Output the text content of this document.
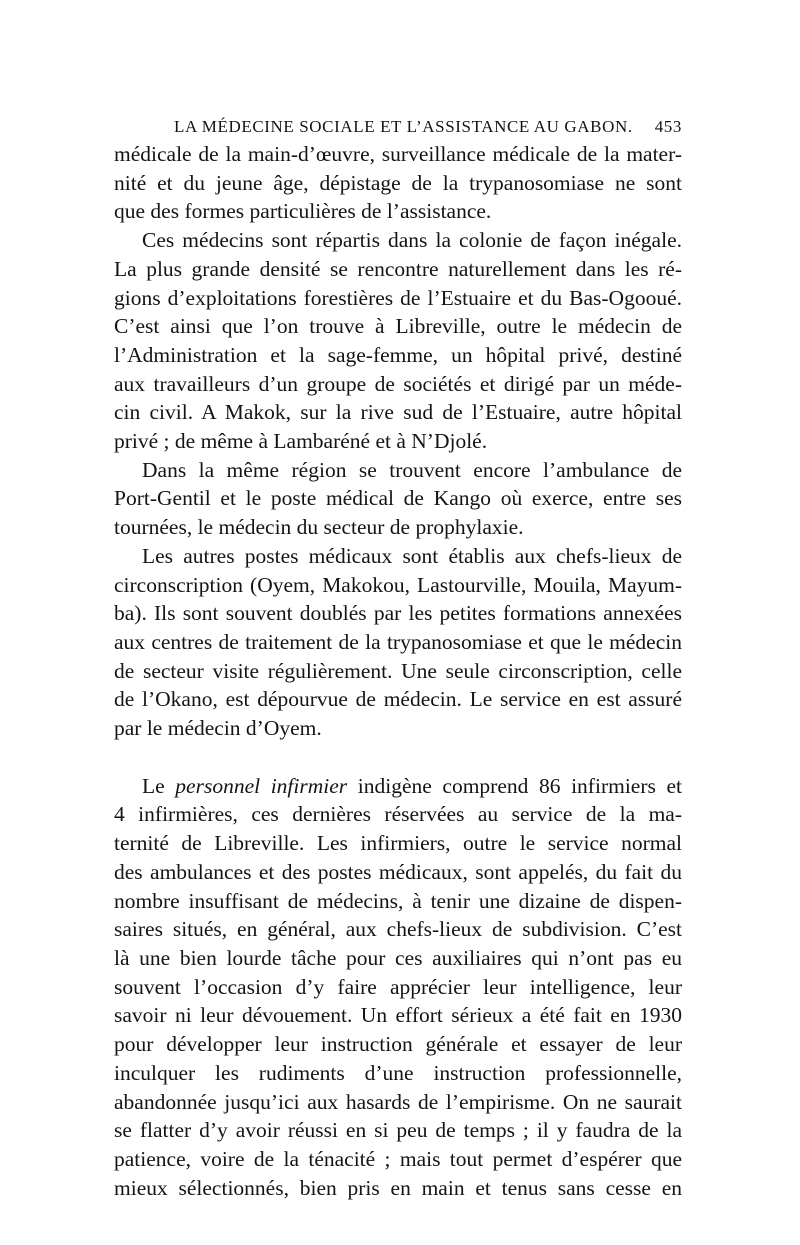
LA MÉDECINE SOCIALE ET L’ASSISTANCE AU GABON. 453

médicale de la main-d’œuvre, surveillance médicale de la mater-
nité et du jeune âge, dépistage de la trypanosomiase ne sont
que des formes particulières de l’assistance.

Ces médecins sont répartis dans la colonie de façon inégale.
La plus grande densité se rencontre naturellement dans les ré-
gions d’exploitations forestières de l’Estuaire et du Bas-Ogooué.
C’est ainsi que l’on trouve à Libreville, outre le médecin de
l’Administration et la sage-femme, un hôpital privé, destiné
aux travailleurs d’un groupe de sociétés et dirigé par un méde-
cin civil. A Makok, sur la rive sud de l’Estuaire, autre hôpital
privé ; de même à Lambaréné et à N’Djolé.

Dans la même région se trouvent encore l’ambulance de
Port-Gentil et le poste médical de Kango où exerce, entre ses
tournées, le médecin du secteur de prophylaxie.

Les autres postes médicaux sont établis aux chefs-lieux de
circonscription (Oyem, Makokou, Lastourville, Mouila, Mayum-
ba). Ils sont souvent doublés par les petites formations annexées
aux centres de traitement de la trypanosomiase et que le médecin
de secteur visite régulièrement. Une seule circonscription, celle
de l’Okano, est dépourvue de médecin. Le service en est assuré
par le médecin d’Oyem.

Le personnel infirmier indigène comprend 86 infirmiers et
4 infirmières, ces dernières réservées au service de la ma-
ternité de Libreville. Les infirmiers, outre le service normal
des ambulances et des postes médicaux, sont appelés, du fait du
nombre insuffisant de médecins, à tenir une dizaine de dispen-
saires situés, en général, aux chefs-lieux de subdivision. C’est
là une bien lourde tâche pour ces auxiliaires qui n’ont pas eu
souvent l’occasion d’y faire apprécier leur intelligence, leur
savoir ni leur dévouement. Un effort sérieux a été fait en 1930
pour développer leur instruction générale et essayer de leur
inculquer les rudiments d’une instruction professionnelle,
abandonnée jusqu’ici aux hasards de l’empirisme. On ne saurait
se flatter d’y avoir réussi en si peu de temps ; il y faudra de la
patience, voire de la ténacité ; mais tout permet d’espérer que
mieux sélectionnés, bien pris en main et tenus sans cesse en
